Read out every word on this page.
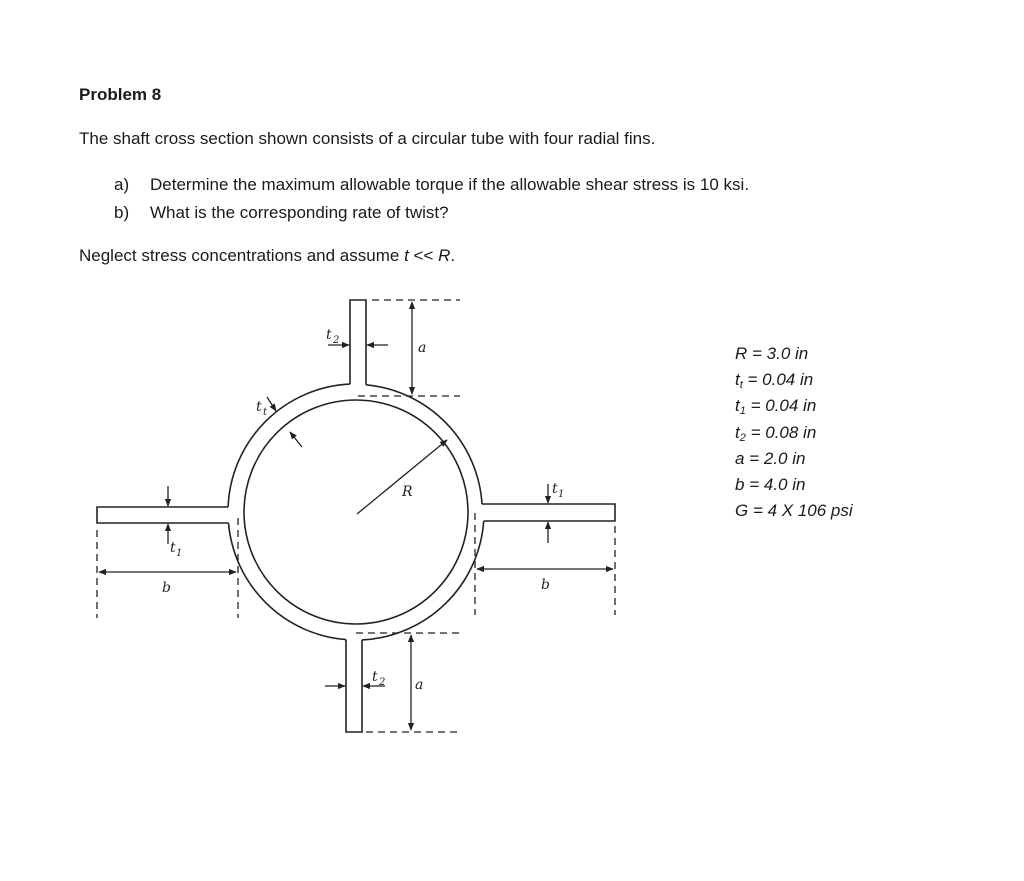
Problem 8
The shaft cross section shown consists of a circular tube with four radial fins.
a)	Determine the maximum allowable torque if the allowable shear stress is 10 ksi.
b)	What is the corresponding rate of twist?
Neglect stress concentrations and assume t << R.
R = 3.0 in
$t_t = 0.04$ in
$t_1 = 0.04$ in
$t_2 = 0.08$ in
a = 2.0 in
b = 4.0 in
G = 4 X 106 psi
t 2	a
t t
R
t 1
b
t 1
b
t 2 a
